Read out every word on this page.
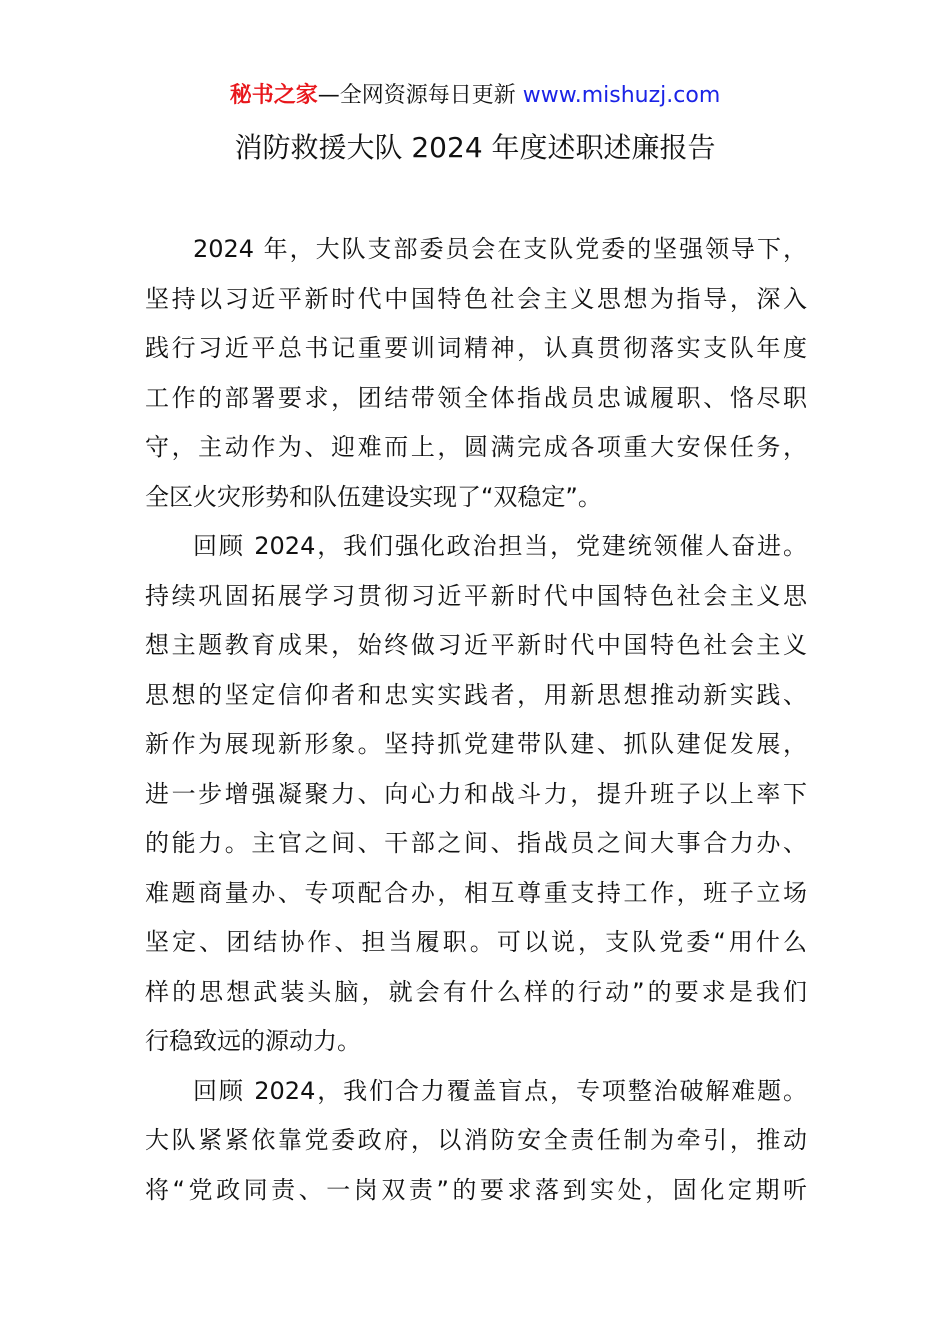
秘书之家—全网资源每日更新 www.mishuzj.com
消防救援大队 2024 年度述职述廉报告
2024 年，大队支部委员会在支队党委的坚强领导下，
坚持以习近平新时代中国特色社会主义思想为指导，深入
践行习近平总书记重要训词精神，认真贯彻落实支队年度
工作的部署要求，团结带领全体指战员忠诚履职、恪尽职
守，主动作为、迎难而上，圆满完成各项重大安保任务，
全区火灾形势和队伍建设实现了“双稳定”。
回顾 2024，我们强化政治担当，党建统领催人奋进。
持续巩固拓展学习贯彻习近平新时代中国特色社会主义思
想主题教育成果，始终做习近平新时代中国特色社会主义
思想的坚定信仰者和忠实实践者，用新思想推动新实践、
新作为展现新形象。坚持抓党建带队建、抓队建促发展，
进一步增强凝聚力、向心力和战斗力，提升班子以上率下
的能力。主官之间、干部之间、指战员之间大事合力办、
难题商量办、专项配合办，相互尊重支持工作，班子立场
坚定、团结协作、担当履职。可以说，支队党委“用什么
样的思想武装头脑，就会有什么样的行动”的要求是我们
行稳致远的源动力。
回顾 2024，我们合力覆盖盲点，专项整治破解难题。
大队紧紧依靠党委政府，以消防安全责任制为牵引，推动
将“党政同责、一岗双责”的要求落到实处，固化定期听
